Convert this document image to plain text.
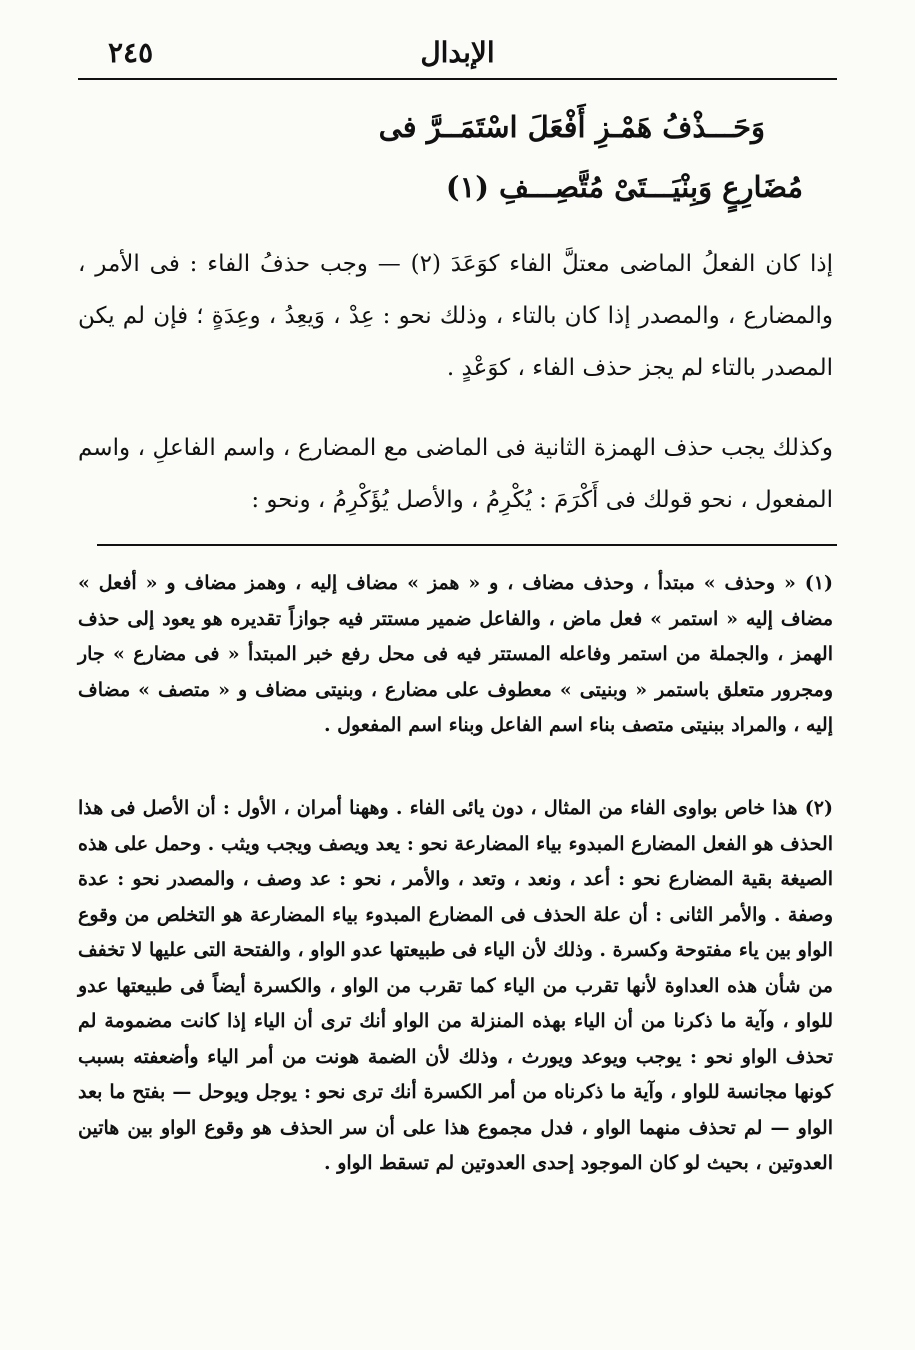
٢٤٥	الإبدال
وَحَـــذْفُ هَمْـزِ أَفْعَلَ اسْتَمَــرَّ فى
مُضَارِعٍ وَبِنْيَـــتَىْ مُتَّصِـــفِ (١)
إذا كان الفعلُ الماضى معتلَّ الفاء كوَعَدَ (٢) — وجب حذفُ الفاء : فى الأمر ، والمضارع ، والمصدر إذا كان بالتاء ، وذلك نحو : عِدْ ، وَيعِدُ ، وعِدَةٍ ؛ فإن لم يكن المصدر بالتاء لم يجز حذف الفاء ، كوَعْدٍ .
وكذلك يجب حذف الهمزة الثانية فى الماضى مع المضارع ، واسم الفاعلِ ، واسم المفعول ، نحو قولك فى أَكْرَمَ : يُكْرِمُ ، والأصل يُؤَكْرِمُ ، ونحو :
(١) « وحذف » مبتدأ ، وحذف مضاف ، و « همز » مضاف إليه ، وهمز مضاف و « أفعل » مضاف إليه « استمر » فعل ماض ، والفاعل ضمير مستتر فيه جوازاً تقديره هو يعود إلى حذف الهمز ، والجملة من استمر وفاعله المستتر فيه فى محل رفع خبر المبتدأ « فى مضارع » جار ومجرور متعلق باستمر « وبنيتى » معطوف على مضارع ، وبنيتى مضاف و « متصف » مضاف إليه ، والمراد ببنيتى متصف بناء اسم الفاعل وبناء اسم المفعول .
(٢) هذا خاص بواوى الفاء من المثال ، دون يائى الفاء . وههنا أمران ، الأول : أن الأصل فى هذا الحذف هو الفعل المضارع المبدوء بياء المضارعة نحو : يعد ويصف ويجب ويثب . وحمل على هذه الصيغة بقية المضارع نحو : أعد ، ونعد ، وتعد ، والأمر ، نحو : عد وصف ، والمصدر نحو : عدة وصفة . والأمر الثانى : أن علة الحذف فى المضارع المبدوء بياء المضارعة هو التخلص من وقوع الواو بين ياء مفتوحة وكسرة . وذلك لأن الياء فى طبيعتها عدو الواو ، والفتحة التى عليها لا تخفف من شأن هذه العداوة لأنها تقرب من الياء كما تقرب من الواو ، والكسرة أيضاً فى طبيعتها عدو للواو ، وآية ما ذكرنا من أن الياء بهذه المنزلة من الواو أنك ترى أن الياء إذا كانت مضمومة لم تحذف الواو نحو : يوجب ويوعد ويورث ، وذلك لأن الضمة هونت من أمر الياء وأضعفته بسبب كونها مجانسة للواو ، وآية ما ذكرناه من أمر الكسرة أنك ترى نحو : يوجل ويوحل — بفتح ما بعد الواو — لم تحذف منهما الواو ، فدل مجموع هذا على أن سر الحذف هو وقوع الواو بين هاتين العدوتين ، بحيث لو كان الموجود إحدى العدوتين لم تسقط الواو .
